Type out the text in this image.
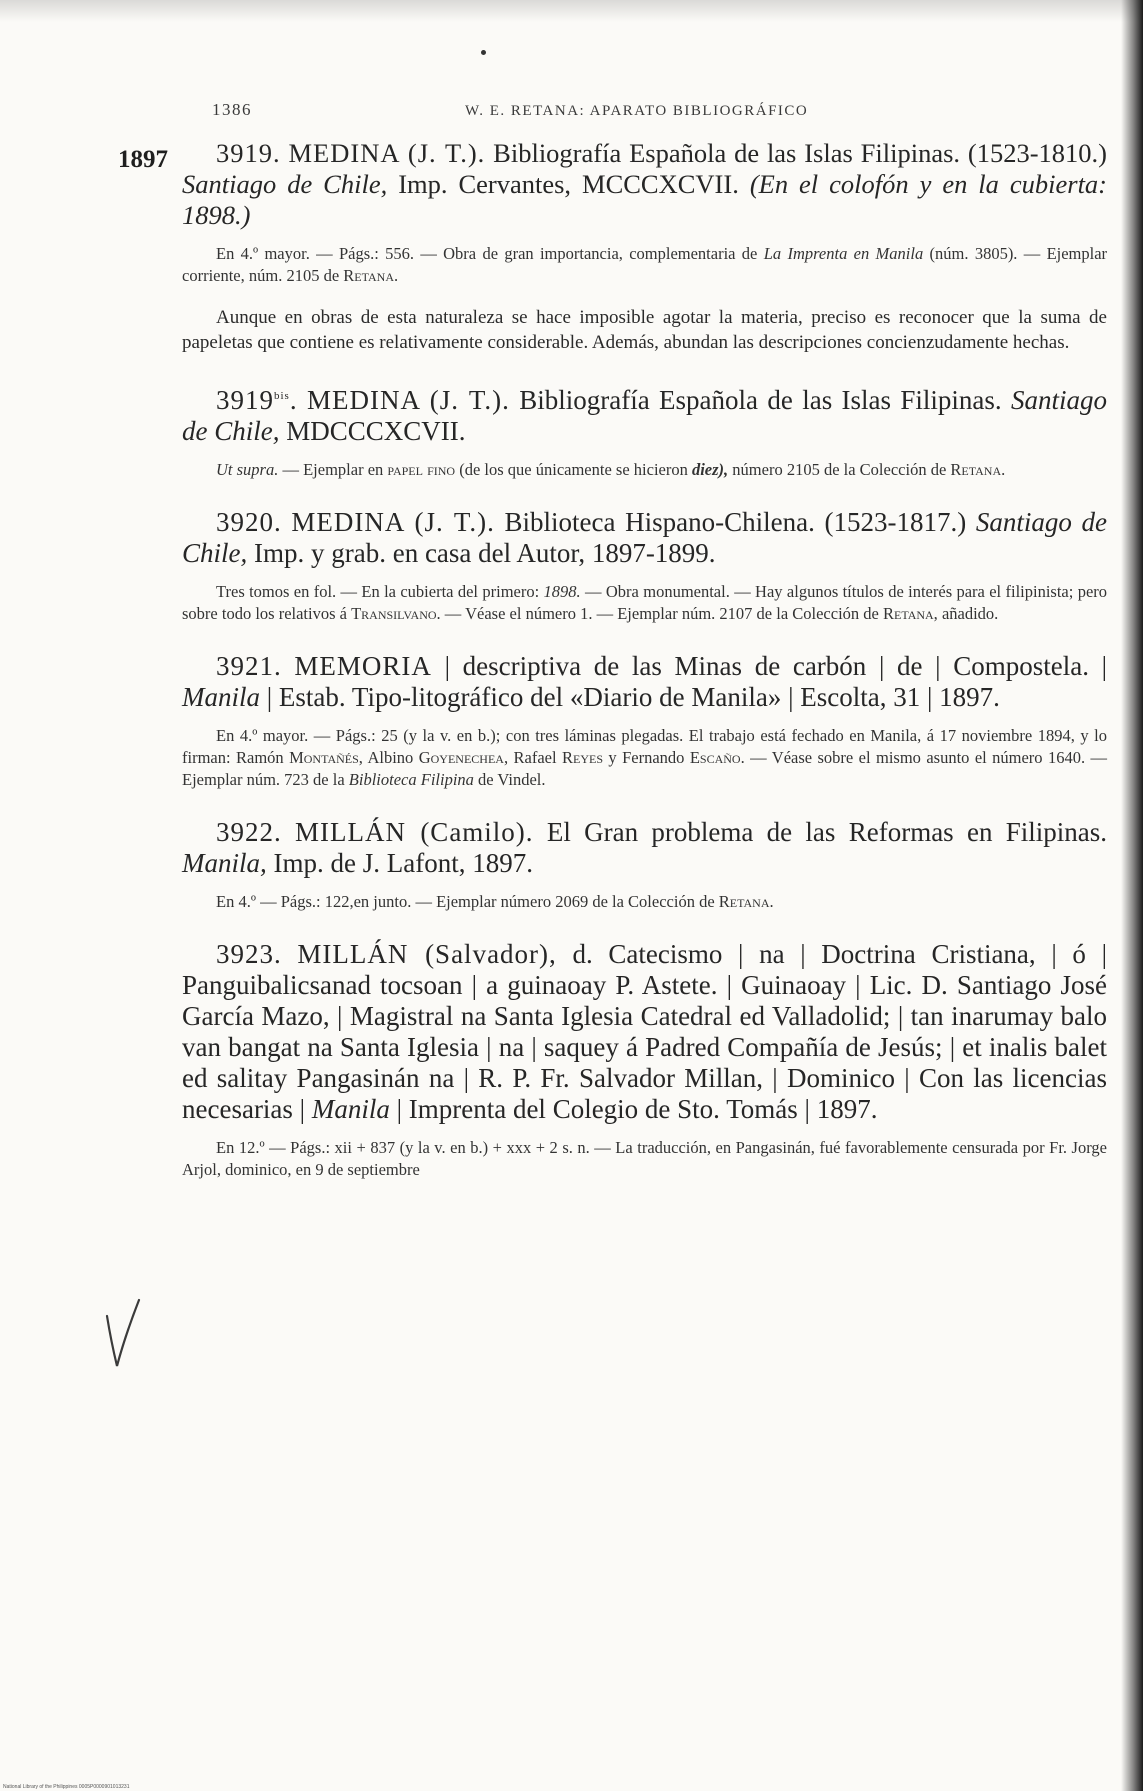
1386	W. E. RETANA: APARATO BIBLIOGRÁFICO
1897	3919. MEDINA (J. T.). Bibliografía Española de las Islas Filipinas. (1523-1810.) Santiago de Chile, Imp. Cervantes, MCCCXCVII. (En el colofón y en la cubierta: 1898.)

En 4.º mayor. — Págs.: 556. — Obra de gran importancia, complementaria de La Imprenta en Manila (núm. 3805). — Ejemplar corriente, núm. 2105 de Retana.

Aunque en obras de esta naturaleza se hace imposible agotar la materia, preciso es reconocer que la suma de papeletas que contiene es relativamente considerable. Además, abundan las descripciones concienzudamente hechas.

$3919^{bis}$. MEDINA (J. T.). Bibliografía Española de las Islas Filipinas. Santiago de Chile, MDCCCXCVII.

Ut supra. — Ejemplar en papel fino (de los que únicamente se hicieron diez), número 2105 de la Colección de Retana.

3920. MEDINA (J. T.). Biblioteca Hispano-Chilena. (1523-1817.) Santiago de Chile, Imp. y grab. en casa del Autor, 1897-1899.

Tres tomos en fol. — En la cubierta del primero: 1898. — Obra monumental. — Hay algunos títulos de interés para el filipinista; pero sobre todo los relativos á Transilvano. — Véase el número 1. — Ejemplar núm. 2107 de la Colección de Retana, añadido.

3921. MEMORIA | descriptiva de las Minas de carbón | de | Compostela. | Manila | Estab. Tipo-litográfico del «Diario de Manila» | Escolta, 31 | 1897.

En 4.º mayor. — Págs.: 25 (y la v. en b.); con tres láminas plegadas. El trabajo está fechado en Manila, á 17 noviembre 1894, y lo firman: Ramón Montañés, Albino Goyenechea, Rafael Reyes y Fernando Escaño. — Véase sobre el mismo asunto el número 1640. — Ejemplar núm. 723 de la Biblioteca Filipina de Vindel.

3922. MILLÁN (Camilo). El Gran problema de las Reformas en Filipinas. Manila, Imp. de J. Lafont, 1897.

En 4.º — Págs.: 122,en junto. — Ejemplar número 2069 de la Colección de Retana.

3923. MILLÁN (Salvador), d. Catecismo | na | Doctrina Cristiana, | ó | Panguibalicsanad tocsoan | a guinaoay P. Astete. | Guinaoay | Lic. D. Santiago José García Mazo, | Magistral na Santa Iglesia Catedral ed Valladolid; | tan inarumay balo van bangat na Santa Iglesia | na | saquey á Padred Compañía de Jesús; | et inalis balet ed salitay Pangasinán na | R. P. Fr. Salvador Millan, | Dominico | Con las licencias necesarias | Manila | Imprenta del Colegio de Sto. Tomás | 1897.

En 12.º — Págs.: xii + 837 (y la v. en b.) + xxx + 2 s. n. — La traducción, en Pangasinán, fué favorablemente censurada por Fr. Jorge Arjol, dominico, en 9 de septiembre

National Library of the Philippines 0005P0000901013231
